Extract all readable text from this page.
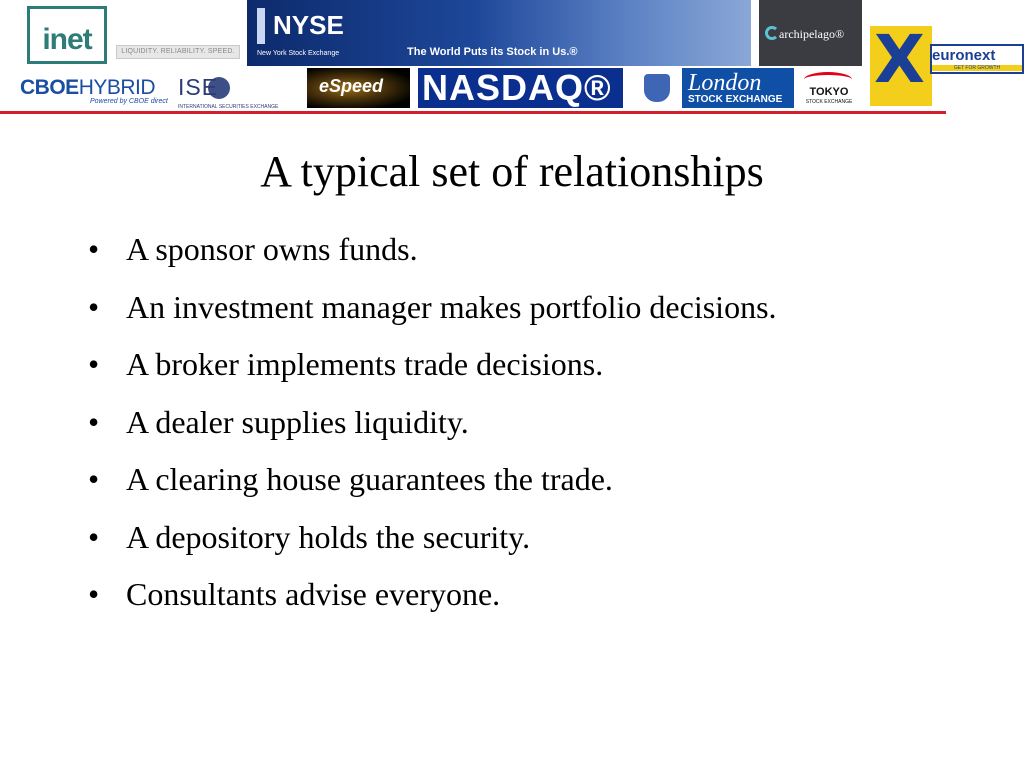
inet	LIQUIDITY. RELIABILITY. SPEED.
NYSE
New York Stock Exchange	The World Puts its Stock in Us.®
archipelago® X euronext
GET FOR GROWTH
CBOEHYBRID
Powered by CBOE direct
ISE
INTERNATIONAL SECURITIES EXCHANGE
eSpeed NASDAQ®	London
STOCK EXCHANGE
TOKYO
STOCK EXCHANGE
A typical set of relationships
• A sponsor owns funds.
• An investment manager makes portfolio decisions.
• A broker implements trade decisions.
• A dealer supplies liquidity.
• A clearing house guarantees the trade.
• A depository holds the security.
• Consultants advise everyone.
